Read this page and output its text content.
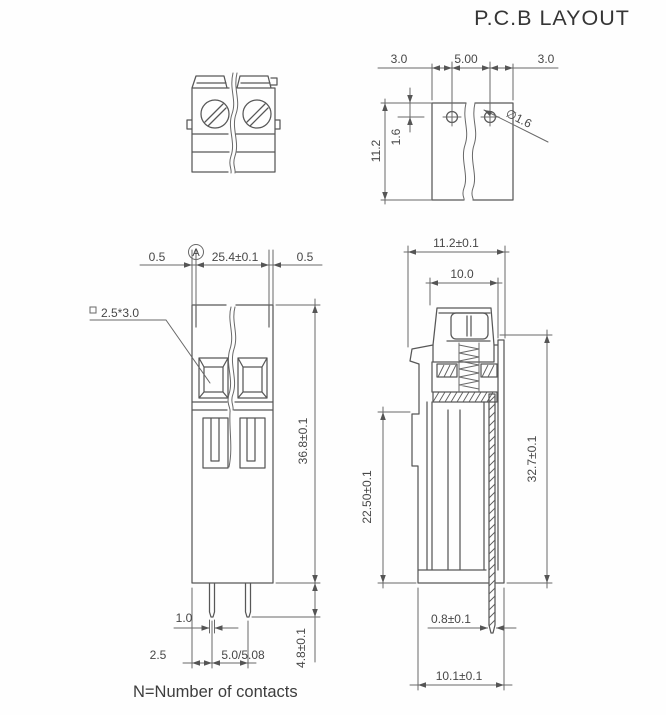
P.C.B LAYOUT
3.0	5.00	3.0
11.2
1.6
∅1.6
0.5 A 25.4±0.1	0.5
2.5*3.0
36.8±0.1
1.0
2.5	5.0/5.08 4.8±0.1
11.2±0.1
10.0
22.50±0.1
32.7±0.1
0.8±0.1
10.1±0.1
N=Number of contacts
